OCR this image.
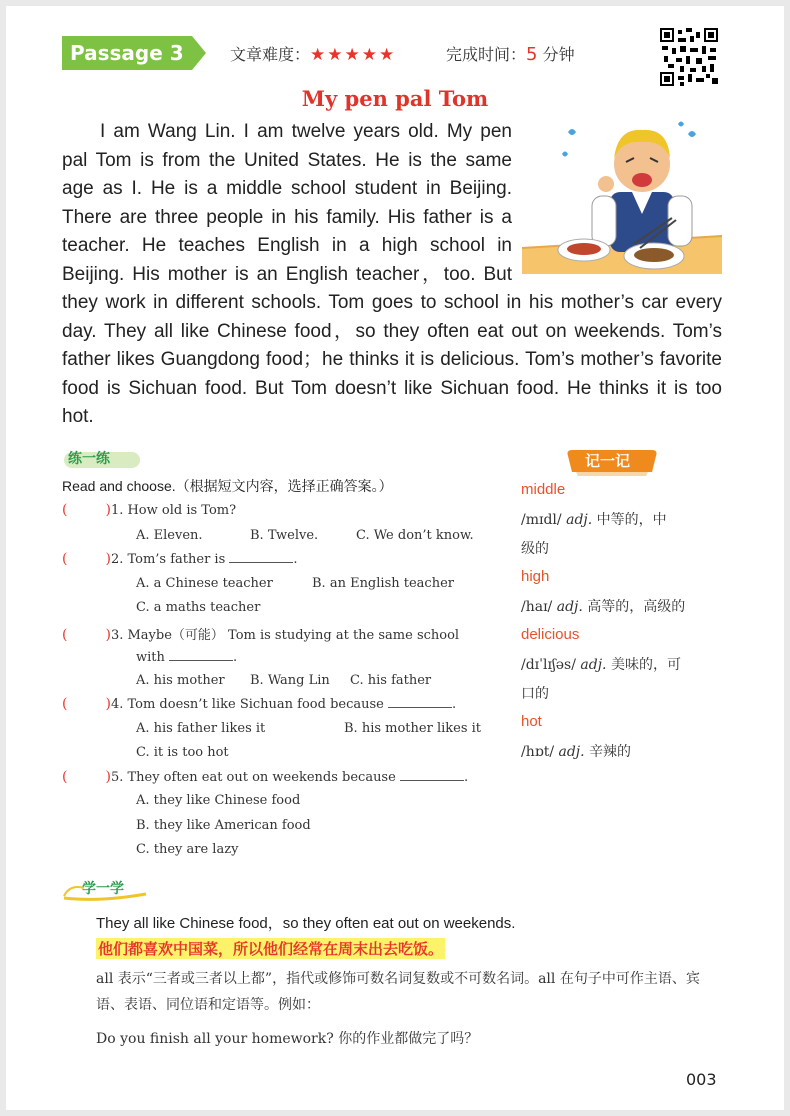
Passage 3	文章难度：★★★★★	完成时间：5 分钟
My pen pal Tom
I am Wang Lin. I am twelve years old. My pen pal Tom is from the United States. He is the same age as I. He is a middle school student in Beijing. There are three people in his family. His father is a teacher. He teaches English in a high school in Beijing. His mother is an English teacher，too. But they work in different schools. Tom goes to school in his mother’s car every day. They all like Chinese food，so they often eat out on weekends. Tom’s father likes Guangdong food；he thinks it is delicious. Tom’s mother’s favorite food is Sichuan food. But Tom doesn’t like Sichuan food. He thinks it is too hot.
练一练
Read and choose.（根据短文内容，选择正确答案。）
(	)1. How old is Tom?
A. Eleven.	B. Twelve.	C. We don’t know.
(	)2. Tom’s father is	.
A. a Chinese teacher	B. an English teacher
C. a maths teacher
(	)3. Maybe（可能） Tom is studying at the same school
with	.
A. his mother B. Wang Lin C. his father
(	)4. Tom doesn’t like Sichuan food because	.
A. his father likes it	B. his mother likes it
C. it is too hot
(	)5. They often eat out on weekends because	.
A. they like Chinese food
B. they like American food
C. they are lazy
记一记
middle
/mɪdl/ adj. 中等的，中
级的
high
/haɪ/ adj. 高等的，高级的
delicious
/dɪˈlɪʃəs/ adj. 美味的，可
口的
hot
/hɒt/ adj. 辛辣的
学一学
They all like Chinese food，so they often eat out on weekends.
他们都喜欢中国菜，所以他们经常在周末出去吃饭。
all 表示“三者或三者以上都”，指代或修饰可数名词复数或不可数名词。all 在句子中可作主语、宾语、表语、同位语和定语等。例如：
Do you finish all your homework? 你的作业都做完了吗？
003
